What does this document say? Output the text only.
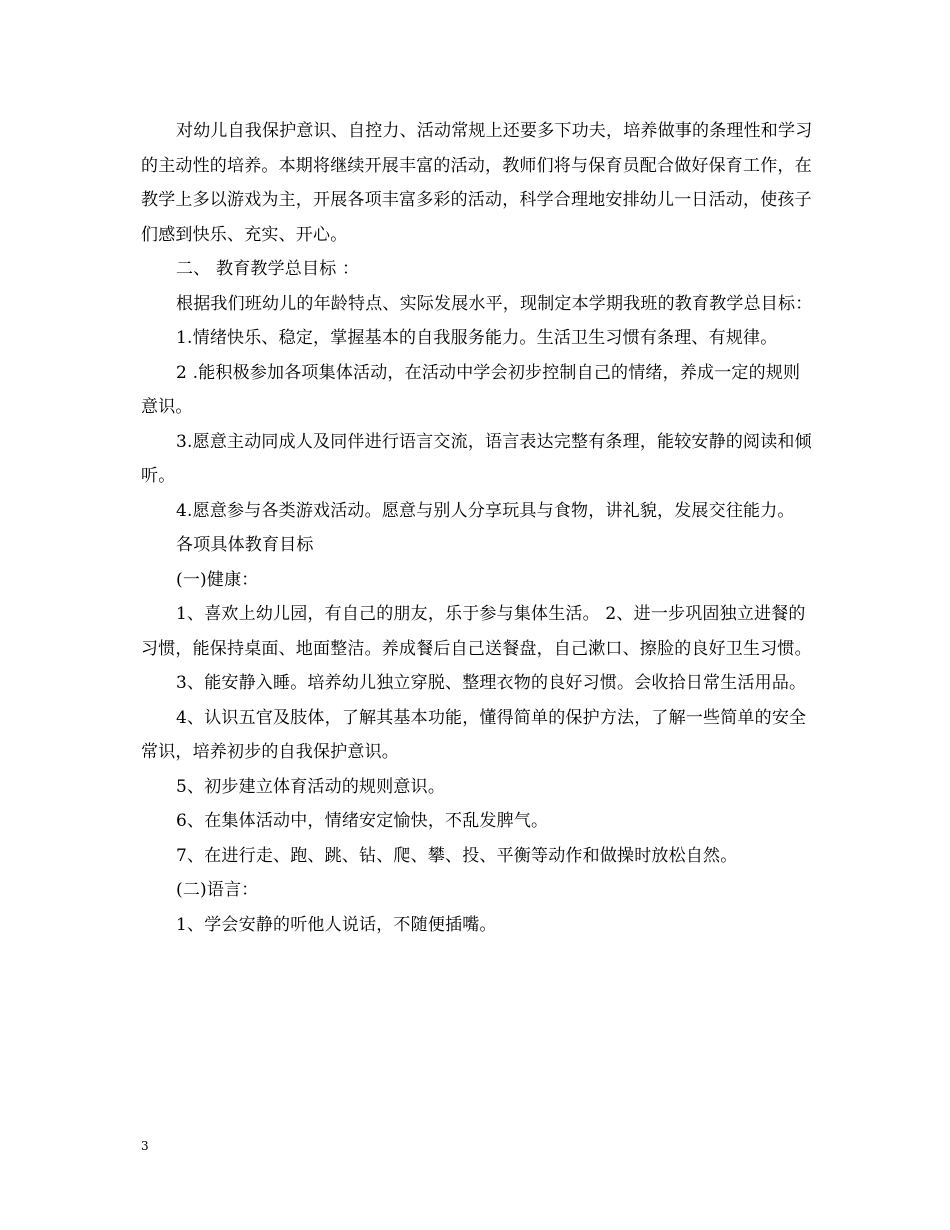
对幼儿自我保护意识、自控力、活动常规上还要多下功夫，培养做事的条理性和学习的主动性的培养。本期将继续开展丰富的活动，教师们将与保育员配合做好保育工作，在教学上多以游戏为主，开展各项丰富多彩的活动，科学合理地安排幼儿一日活动，使孩子们感到快乐、充实、开心。

二、 教育教学总目标 ：

根据我们班幼儿的年龄特点、实际发展水平，现制定本学期我班的教育教学总目标：

1.情绪快乐、稳定，掌握基本的自我服务能力。生活卫生习惯有条理、有规律。

2 .能积极参加各项集体活动，在活动中学会初步控制自己的情绪，养成一定的规则意识。

3.愿意主动同成人及同伴进行语言交流，语言表达完整有条理，能较安静的阅读和倾听。

4.愿意参与各类游戏活动。愿意与别人分享玩具与食物，讲礼貌，发展交往能力。

各项具体教育目标

(一)健康：

1、喜欢上幼儿园，有自己的朋友，乐于参与集体生活。 2、进一步巩固独立进餐的习惯，能保持桌面、地面整洁。养成餐后自己送餐盘，自己漱口、擦脸的良好卫生习惯。

3、能安静入睡。培养幼儿独立穿脱、整理衣物的良好习惯。会收拾日常生活用品。

4、认识五官及肢体，了解其基本功能，懂得简单的保护方法，了解一些简单的安全常识，培养初步的自我保护意识。

5、初步建立体育活动的规则意识。

6、在集体活动中，情绪安定愉快，不乱发脾气。

7、在进行走、跑、跳、钻、爬、攀、投、平衡等动作和做操时放松自然。

(二)语言：

1、学会安静的听他人说话，不随便插嘴。

3
